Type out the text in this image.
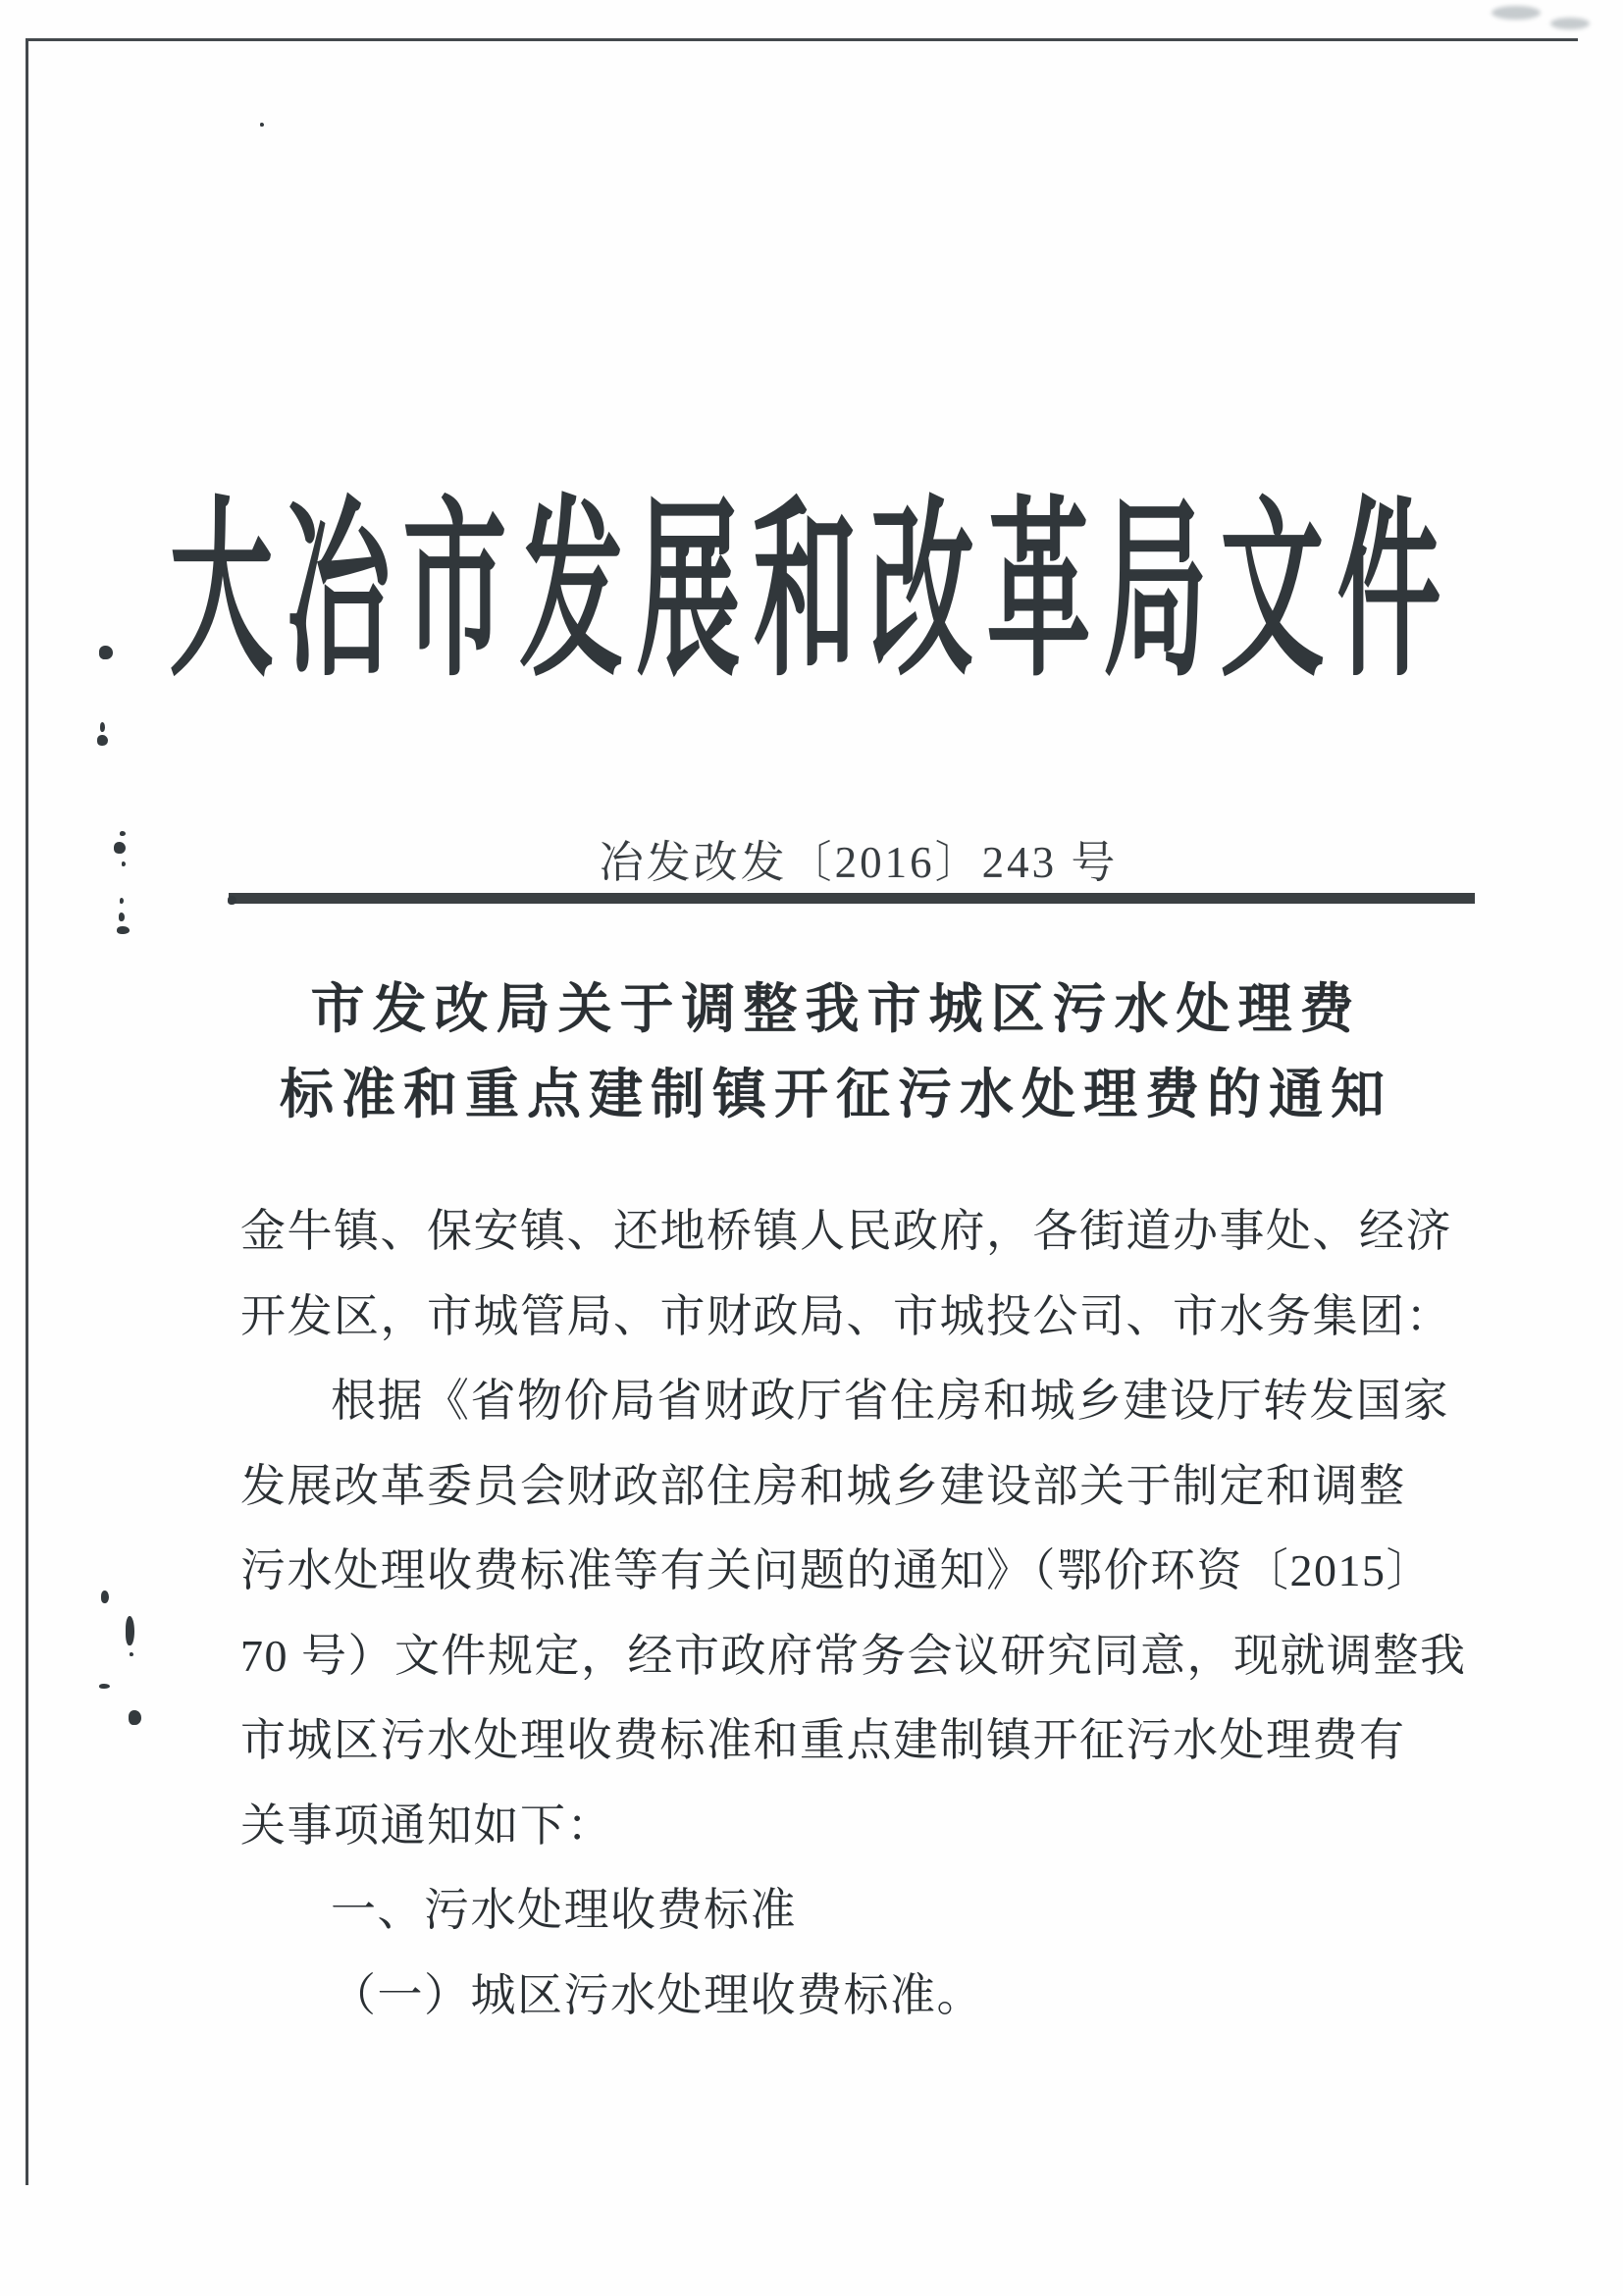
大冶市发展和改革局文件
冶发改发〔2016〕243 号
市发改局关于调整我市城区污水处理费
标准和重点建制镇开征污水处理费的通知
金牛镇、保安镇、还地桥镇人民政府，各街道办事处、经济
开发区，市城管局、市财政局、市城投公司、市水务集团：
根据《省物价局省财政厅省住房和城乡建设厅转发国家
发展改革委员会财政部住房和城乡建设部关于制定和调整
污水处理收费标准等有关问题的通知》（鄂价环资〔2015〕
70 号）文件规定，经市政府常务会议研究同意，现就调整我
市城区污水处理收费标准和重点建制镇开征污水处理费有
关事项通知如下：
一、污水处理收费标准
（一）城区污水处理收费标准。
